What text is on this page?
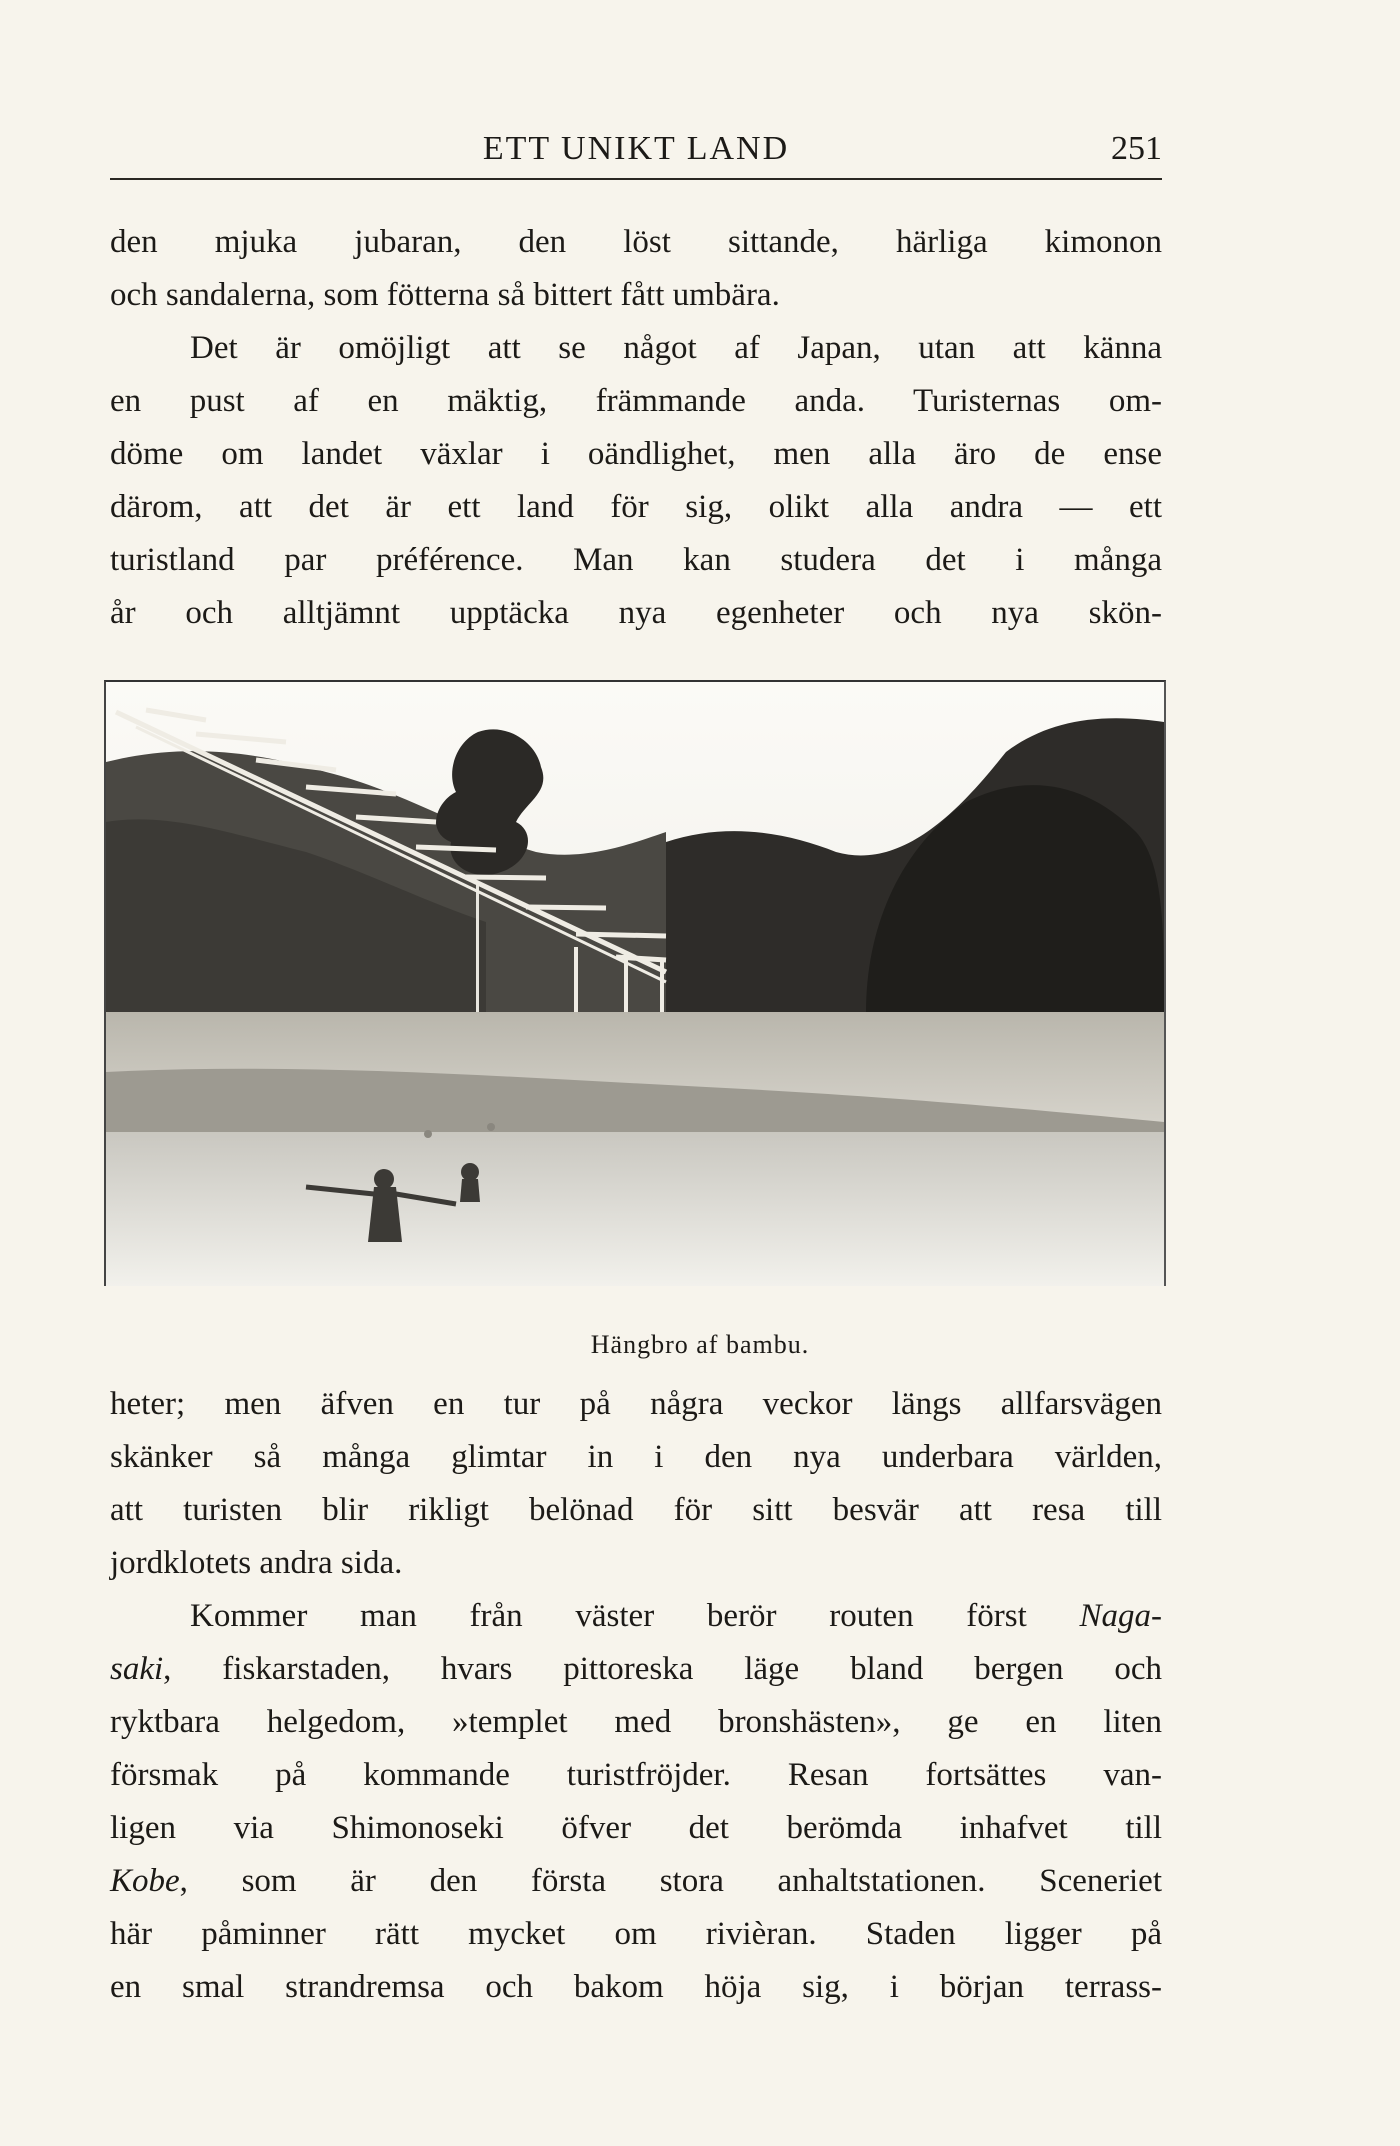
ETT UNIKT LAND	251
den mjuka jubaran, den löst sittande, härliga kimonon
och sandalerna, som fötterna så bittert fått umbära.
Det är omöjligt att se något af Japan, utan att känna
en pust af en mäktig, främmande anda. Turisternas om-
döme om landet växlar i oändlighet, men alla äro de ense
därom, att det är ett land för sig, olikt alla andra — ett
turistland par préférence. Man kan studera det i många
år och alltjämnt upptäcka nya egenheter och nya skön-
Hängbro af bambu.
heter; men äfven en tur på några veckor längs allfarsvägen
skänker så många glimtar in i den nya underbara världen,
att turisten blir rikligt belönad för sitt besvär att resa till
jordklotets andra sida.
Kommer man från väster berör routen först Naga-
saki, fiskarstaden, hvars pittoreska läge bland bergen och
ryktbara helgedom, »templet med bronshästen», ge en liten
försmak på kommande turistfröjder. Resan fortsättes van-
ligen via Shimonoseki öfver det berömda inhafvet till
Kobe, som är den första stora anhaltstationen. Sceneriet
här påminner rätt mycket om rivièran. Staden ligger på
en smal strandremsa och bakom höja sig, i början terrass-
